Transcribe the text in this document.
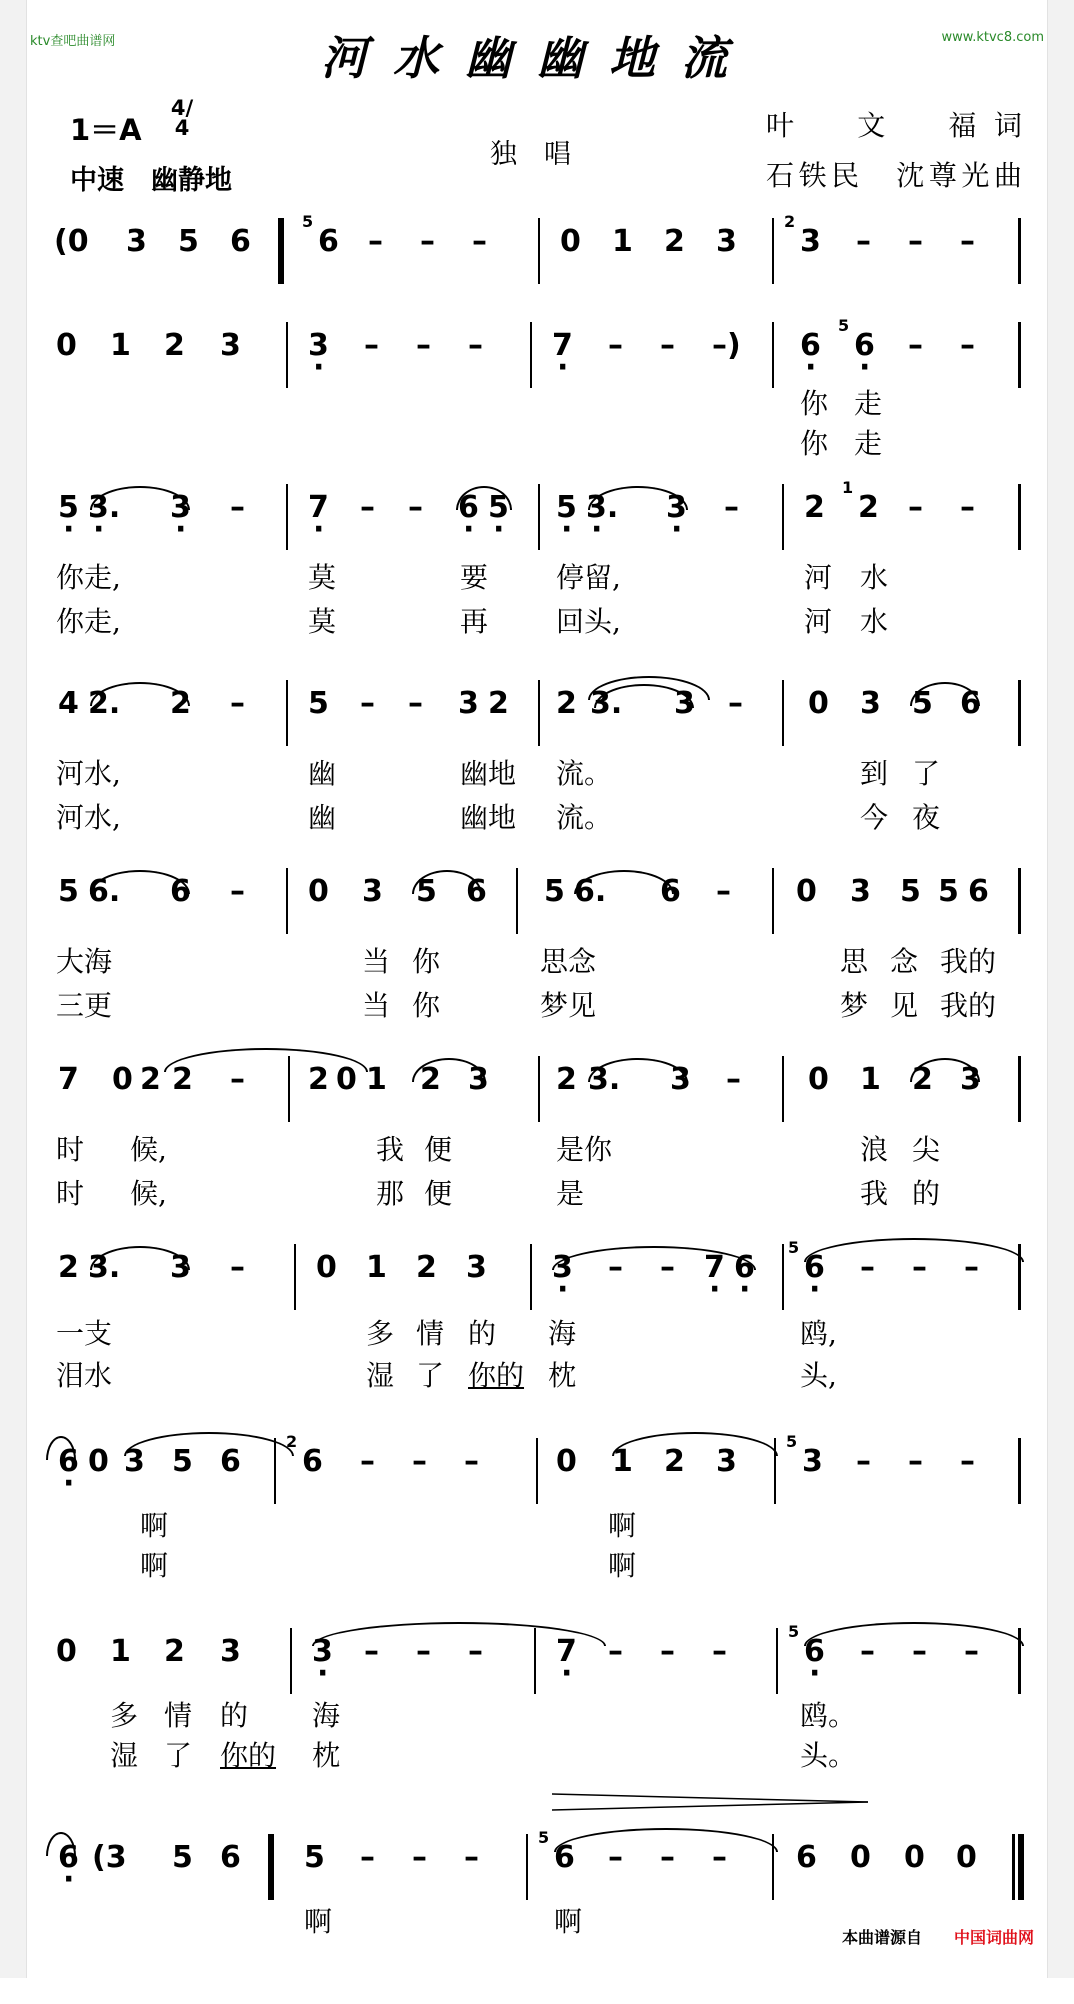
ktv查吧曲谱网	www.ktvc8.com
河水幽幽地流
1＝A
4/4
中速　幽静地
独　唱
叶　文　福词
石铁民　沈尊光曲
(0 3 5 6
5
6 – – – 0 1 2 3
2
3 – – –
0 1 2 3 3 · – – – 7 · – – –) 6 ·
5
6 · – –
你 走
你 走
5 · 3. · 3 · – 7 · – – 6 · 5 · 5 · 3. · 3 · – 2
1
2 – –
你走,	莫	要 停留,	河 水
你走,	莫	再 回头,	河 水
4 2. 2 – 5 – – 3 2 2 3. 3 – 0 3 5 6
河水,	幽	幽地 流。	到 了
河水,	幽	幽地 流。	今 夜
5 6. 6 – 0 3 5 6 5 6. 6 – 0 3 5 5 6
大海	当 你	思念	思 念 我的
三更	当 你	梦见	梦 见 我的
7 0 2 2 – 2 0 1 2 3 2 3. 3 – 0 1 2 3
时 候,	我 便	是你	浪 尖
时 候,	那 便	是	我 的
2 3. 3 – 0 1 2 3 3 · – – 7 · 6 ·
5
6 · – – –
一支	多 情 的 海	鸥,
泪水	湿 了 你的 枕	头,
6 · 0 3 5 6
2
6 – – –	0 1 2 3
5
3 – – –
啊	啊
啊	啊
0 1 2 3 3 · – – – 7 · – – –
5
6 · – – –
多 情 的 海	鸥。
湿 了 你的 枕	头。
6 · (3 5 6 5 – – –
5
6 – – – 6 0 0 0
啊	啊	本曲谱源自 中国词曲网
